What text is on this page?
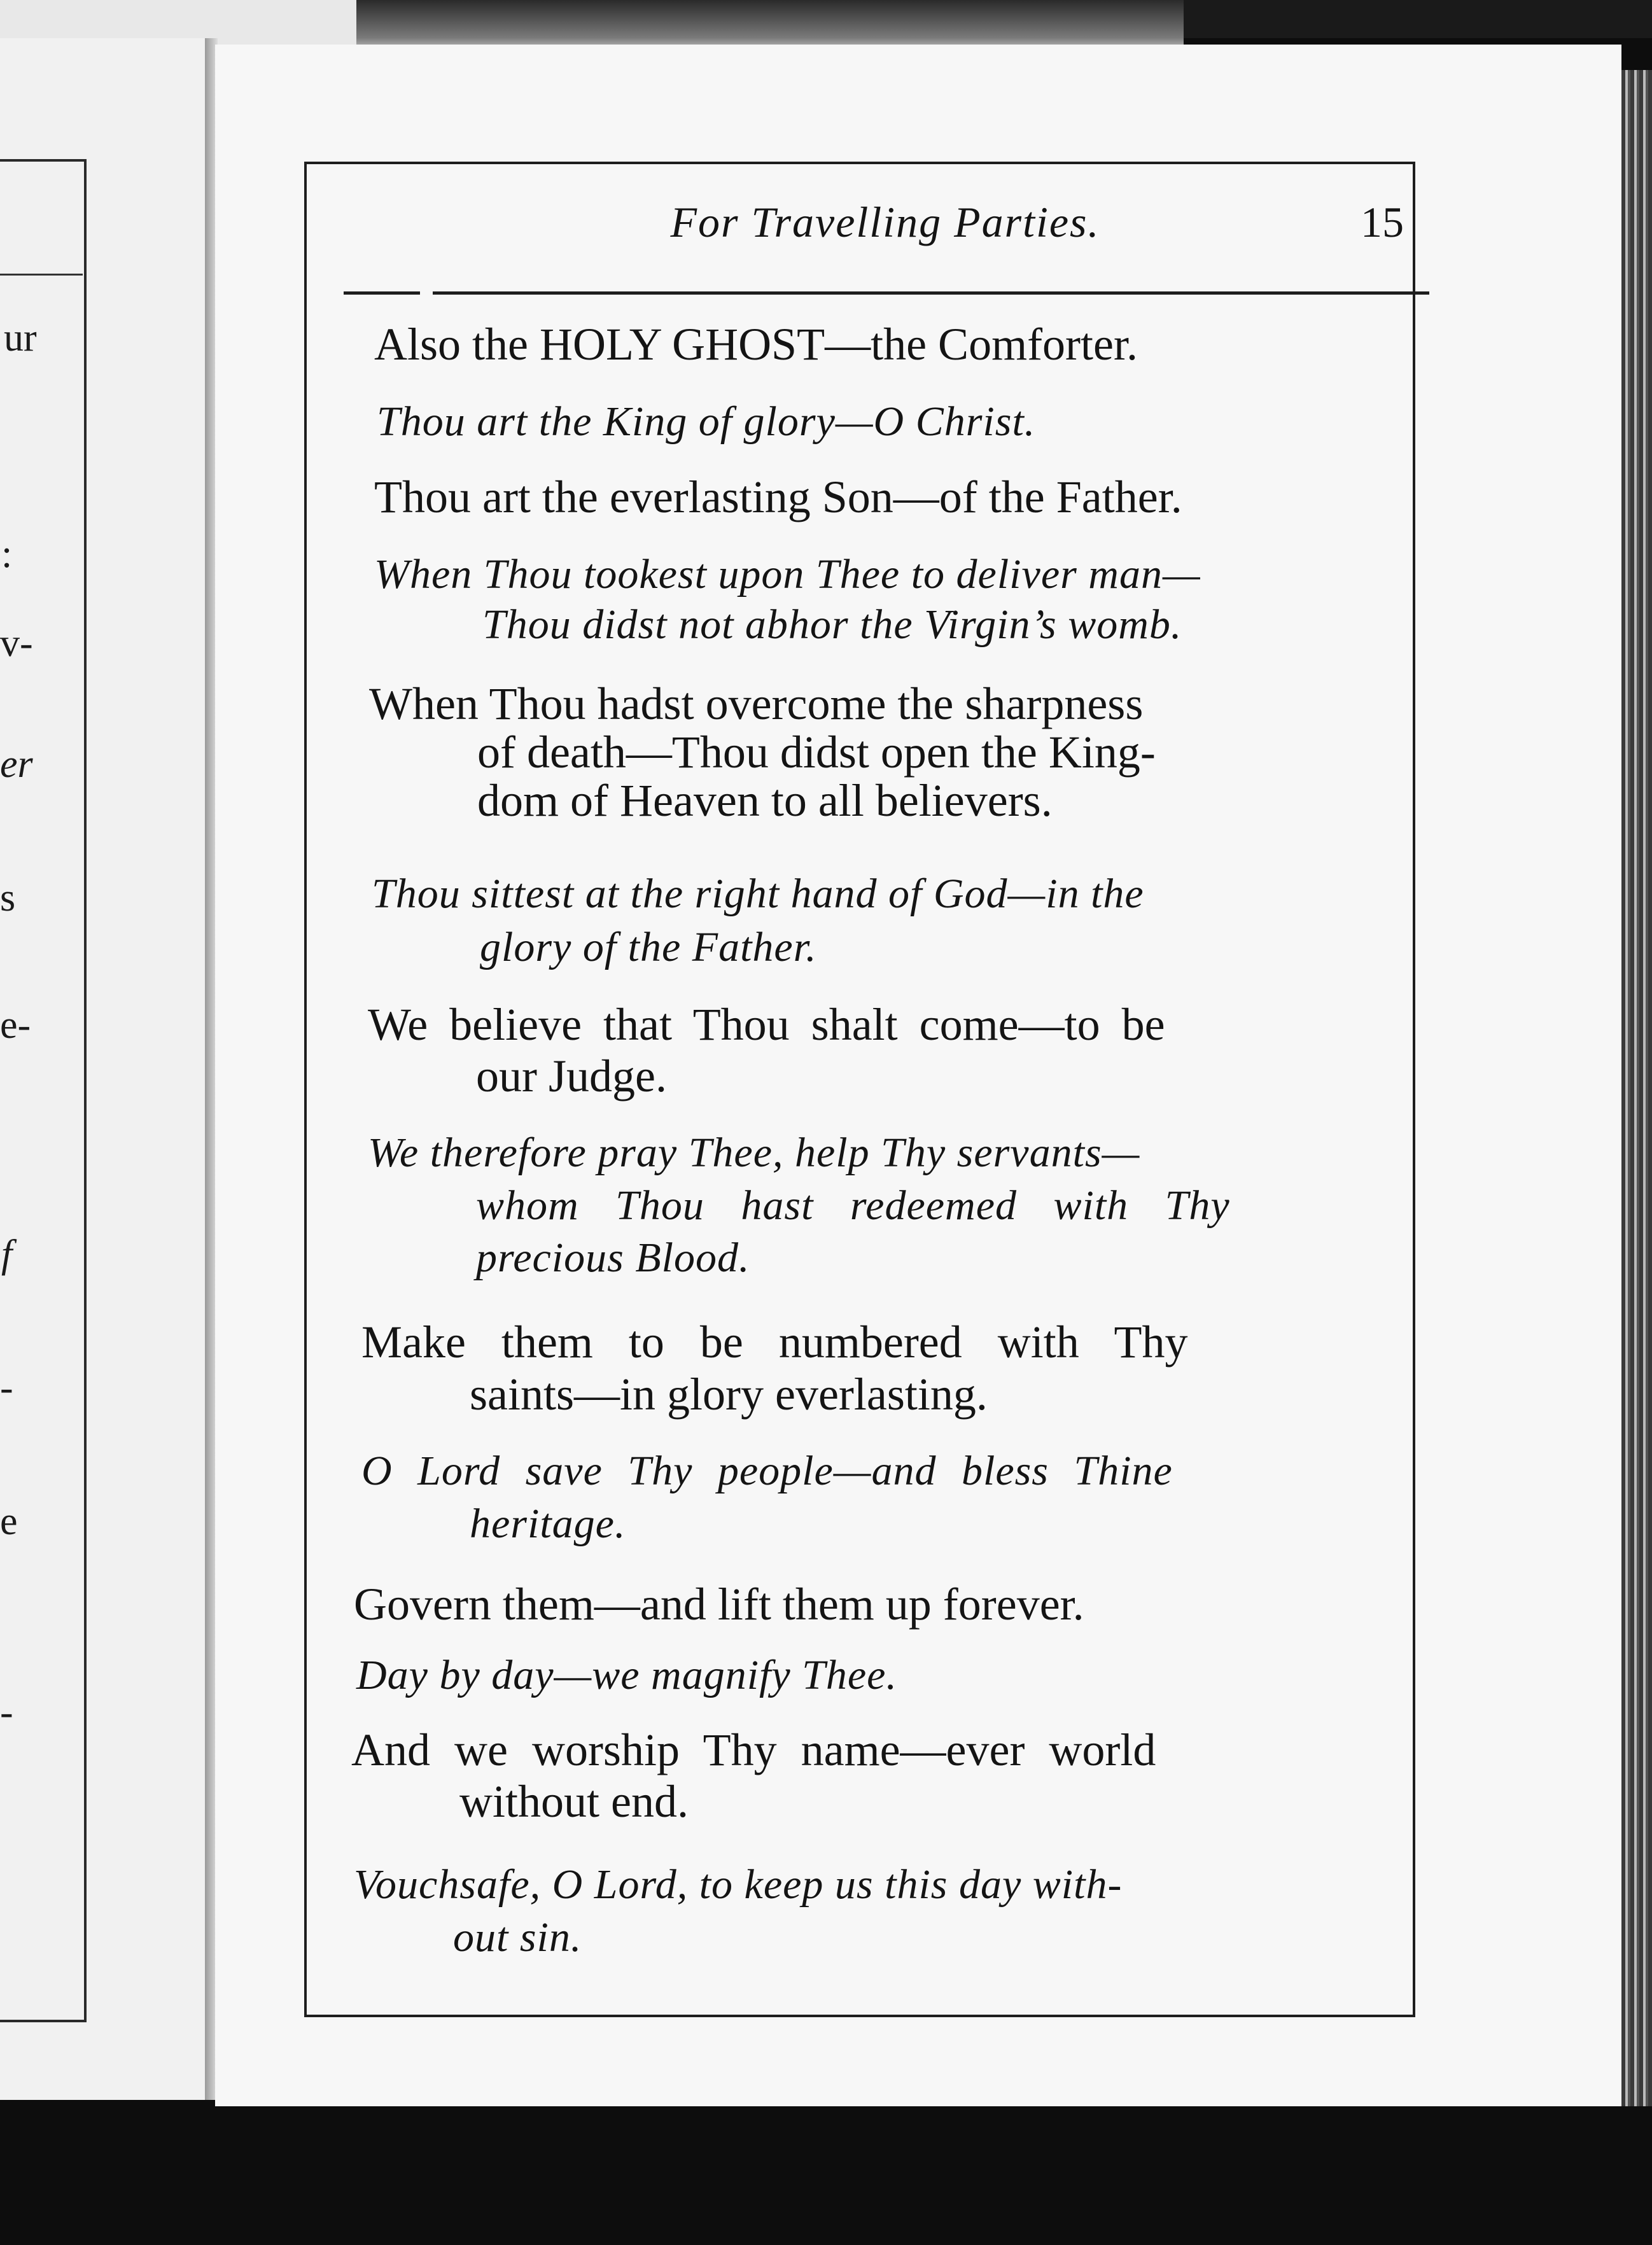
ur
:
v-
er
s
e-
f
-
e
-
For Travelling Parties.	15

Also the HOLY GHOST—the Comforter.

Thou art the King of glory—O Christ.

Thou art the everlasting Son—of the Father.

When Thou tookest upon Thee to deliver man—
Thou didst not abhor the Virgin’s womb.

When Thou hadst overcome the sharpness
of death—Thou didst open the King-
dom of Heaven to all believers.

Thou sittest at the right hand of God—in the
glory of the Father.

We believe that Thou shalt come—to be
our Judge.

We therefore pray Thee, help Thy servants—
whom Thou hast redeemed with Thy
precious Blood.

Make them to be numbered with Thy
saints—in glory everlasting.

O Lord save Thy people—and bless Thine
heritage.

Govern them—and lift them up forever.

Day by day—we magnify Thee.

And we worship Thy name—ever world
without end.

Vouchsafe, O Lord, to keep us this day with-
out sin.
